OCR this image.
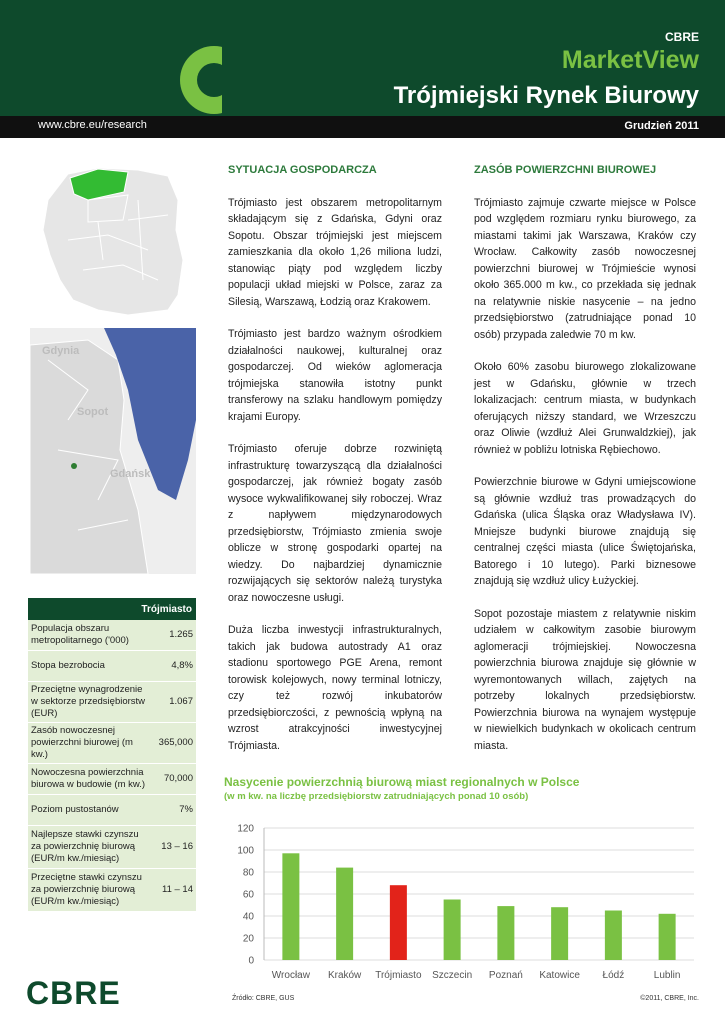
CBRE
MarketView
Trójmiejski Rynek Biurowy
www.cbre.eu/research	Grudzień 2011
Gdynia
Sopot
Gdańsk
SYTUACJA GOSPODARCZA

Trójmiasto jest obszarem metropolitarnym składającym się z Gdańska, Gdyni oraz Sopotu. Obszar trójmiejski jest miejscem zamieszkania dla około 1,26 miliona ludzi, stanowiąc piąty pod względem liczby populacji układ miejski w Polsce, zaraz za Silesią, Warszawą, Łodzią oraz Krakowem.

Trójmiasto jest bardzo ważnym ośrodkiem działalności naukowej, kulturalnej oraz gospodarczej. Od wieków aglomeracja trójmiejska stanowiła istotny punkt transferowy na szlaku handlowym pomiędzy krajami Europy.

Trójmiasto oferuje dobrze rozwiniętą infrastrukturę towarzyszącą dla działalności gospodarczej, jak również bogaty zasób wysoce wykwalifikowanej siły roboczej. Wraz z napływem międzynarodowych przedsiębiorstw, Trójmiasto zmienia swoje oblicze w stronę gospodarki opartej na wiedzy. Do najbardziej dynamicznie rozwijających się sektorów należą turystyka oraz nowoczesne usługi.

Duża liczba inwestycji infrastrukturalnych, takich jak budowa autostrady A1 oraz stadionu sportowego PGE Arena, remont torowisk kolejowych, nowy terminal lotniczy, czy też rozwój inkubatorów przedsiębiorczości, z pewnością wpłyną na wzrost atrakcyjności inwestycyjnej Trójmiasta.

ZASÓB POWIERZCHNI BIUROWEJ

Trójmiasto zajmuje czwarte miejsce w Polsce pod względem rozmiaru rynku biurowego, za miastami takimi jak Warszawa, Kraków czy Wrocław. Całkowity zasób nowoczesnej powierzchni biurowej w Trójmieście wynosi około 365.000 m kw., co przekłada się jednak na relatywnie niskie nasycenie – na jedno przedsiębiorstwo (zatrudniające ponad 10 osób) przypada zaledwie 70 m kw.

Około 60% zasobu biurowego zlokalizowane jest w Gdańsku, głównie w trzech lokalizacjach: centrum miasta, w budynkach oferujących niższy standard, we Wrzeszczu oraz Oliwie (wzdłuż Alei Grunwaldzkiej), jak również w pobliżu lotniska Rębiechowo.

Powierzchnie biurowe w Gdyni umiejscowione są głównie wzdłuż tras prowadzących do Gdańska (ulica Śląska oraz Władysława IV). Mniejsze budynki biurowe znajdują się centralnej części miasta (ulice Świętojańska, Batorego i 10 lutego). Parki biznesowe znajdują się wzdłuż ulicy Łużyckiej.

Sopot pozostaje miastem z relatywnie niskim udziałem w całkowitym zasobie biurowym aglomeracji trójmiejskiej. Nowoczesna powierzchnia biurowa znajduje się głównie w wyremontowanych willach, zajętych na potrzeby lokalnych przedsiębiorstw. Powierzchnia biurowa na wynajem występuje w niewielkich budynkach w okolicach centrum miasta.

Trójmiasto	
Populacja obszaru metropolitarnego ('000)	1.265
Stopa bezrobocia	4,8%
Przeciętne wynagrodzenie w sektorze przedsiębiorstw (EUR)	1.067
Zasób nowoczesnej powierzchni biurowej (m kw.)	365,000
Nowoczesna powierzchnia biurowa w budowie (m kw.)	70,000
Poziom pustostanów	7%
Najlepsze stawki czynszu za powierzchnię biurową (EUR/m kw./miesiąc)	13 – 16
Przeciętne stawki czynszu za powierzchnię biurową (EUR/m kw./miesiąc)	11 – 14
Nasycenie powierzchnią biurową miast regionalnych w Polsce
(w m kw. na liczbę przedsiębiorstw zatrudniających ponad 10 osób)
0
20
40
60
80
100
120
Wrocław Kraków Trójmiasto Szczecin Poznań Katowice Łódź	Lublin
CBRE	Źródło: CBRE, GUS	©2011, CBRE, Inc.
